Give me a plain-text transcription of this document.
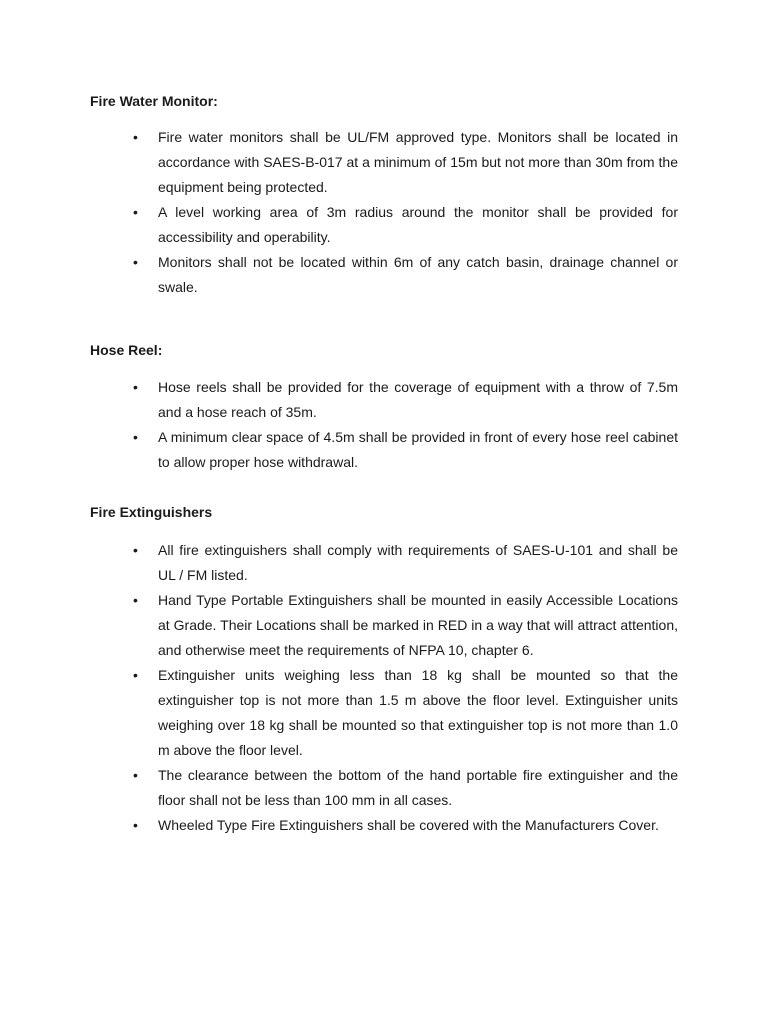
Fire Water Monitor:
• Fire water monitors shall be UL/FM approved type. Monitors shall be located in accordance with SAES-B-017 at a minimum of 15m but not more than 30m from the equipment being protected.
• A level working area of 3m radius around the monitor shall be provided for accessibility and operability.
• Monitors shall not be located within 6m of any catch basin, drainage channel or swale.
Hose Reel:
• Hose reels shall be provided for the coverage of equipment with a throw of 7.5m and a hose reach of 35m.
• A minimum clear space of 4.5m shall be provided in front of every hose reel cabinet to allow proper hose withdrawal.
Fire Extinguishers
• All fire extinguishers shall comply with requirements of SAES-U-101 and shall be UL / FM listed.
• Hand Type Portable Extinguishers shall be mounted in easily Accessible Locations at Grade. Their Locations shall be marked in RED in a way that will attract attention, and otherwise meet the requirements of NFPA 10, chapter 6.
• Extinguisher units weighing less than 18 kg shall be mounted so that the extinguisher top is not more than 1.5 m above the floor level. Extinguisher units weighing over 18 kg shall be mounted so that extinguisher top is not more than 1.0 m above the floor level.
• The clearance between the bottom of the hand portable fire extinguisher and the floor shall not be less than 100 mm in all cases.
• Wheeled Type Fire Extinguishers shall be covered with the Manufacturers Cover.
